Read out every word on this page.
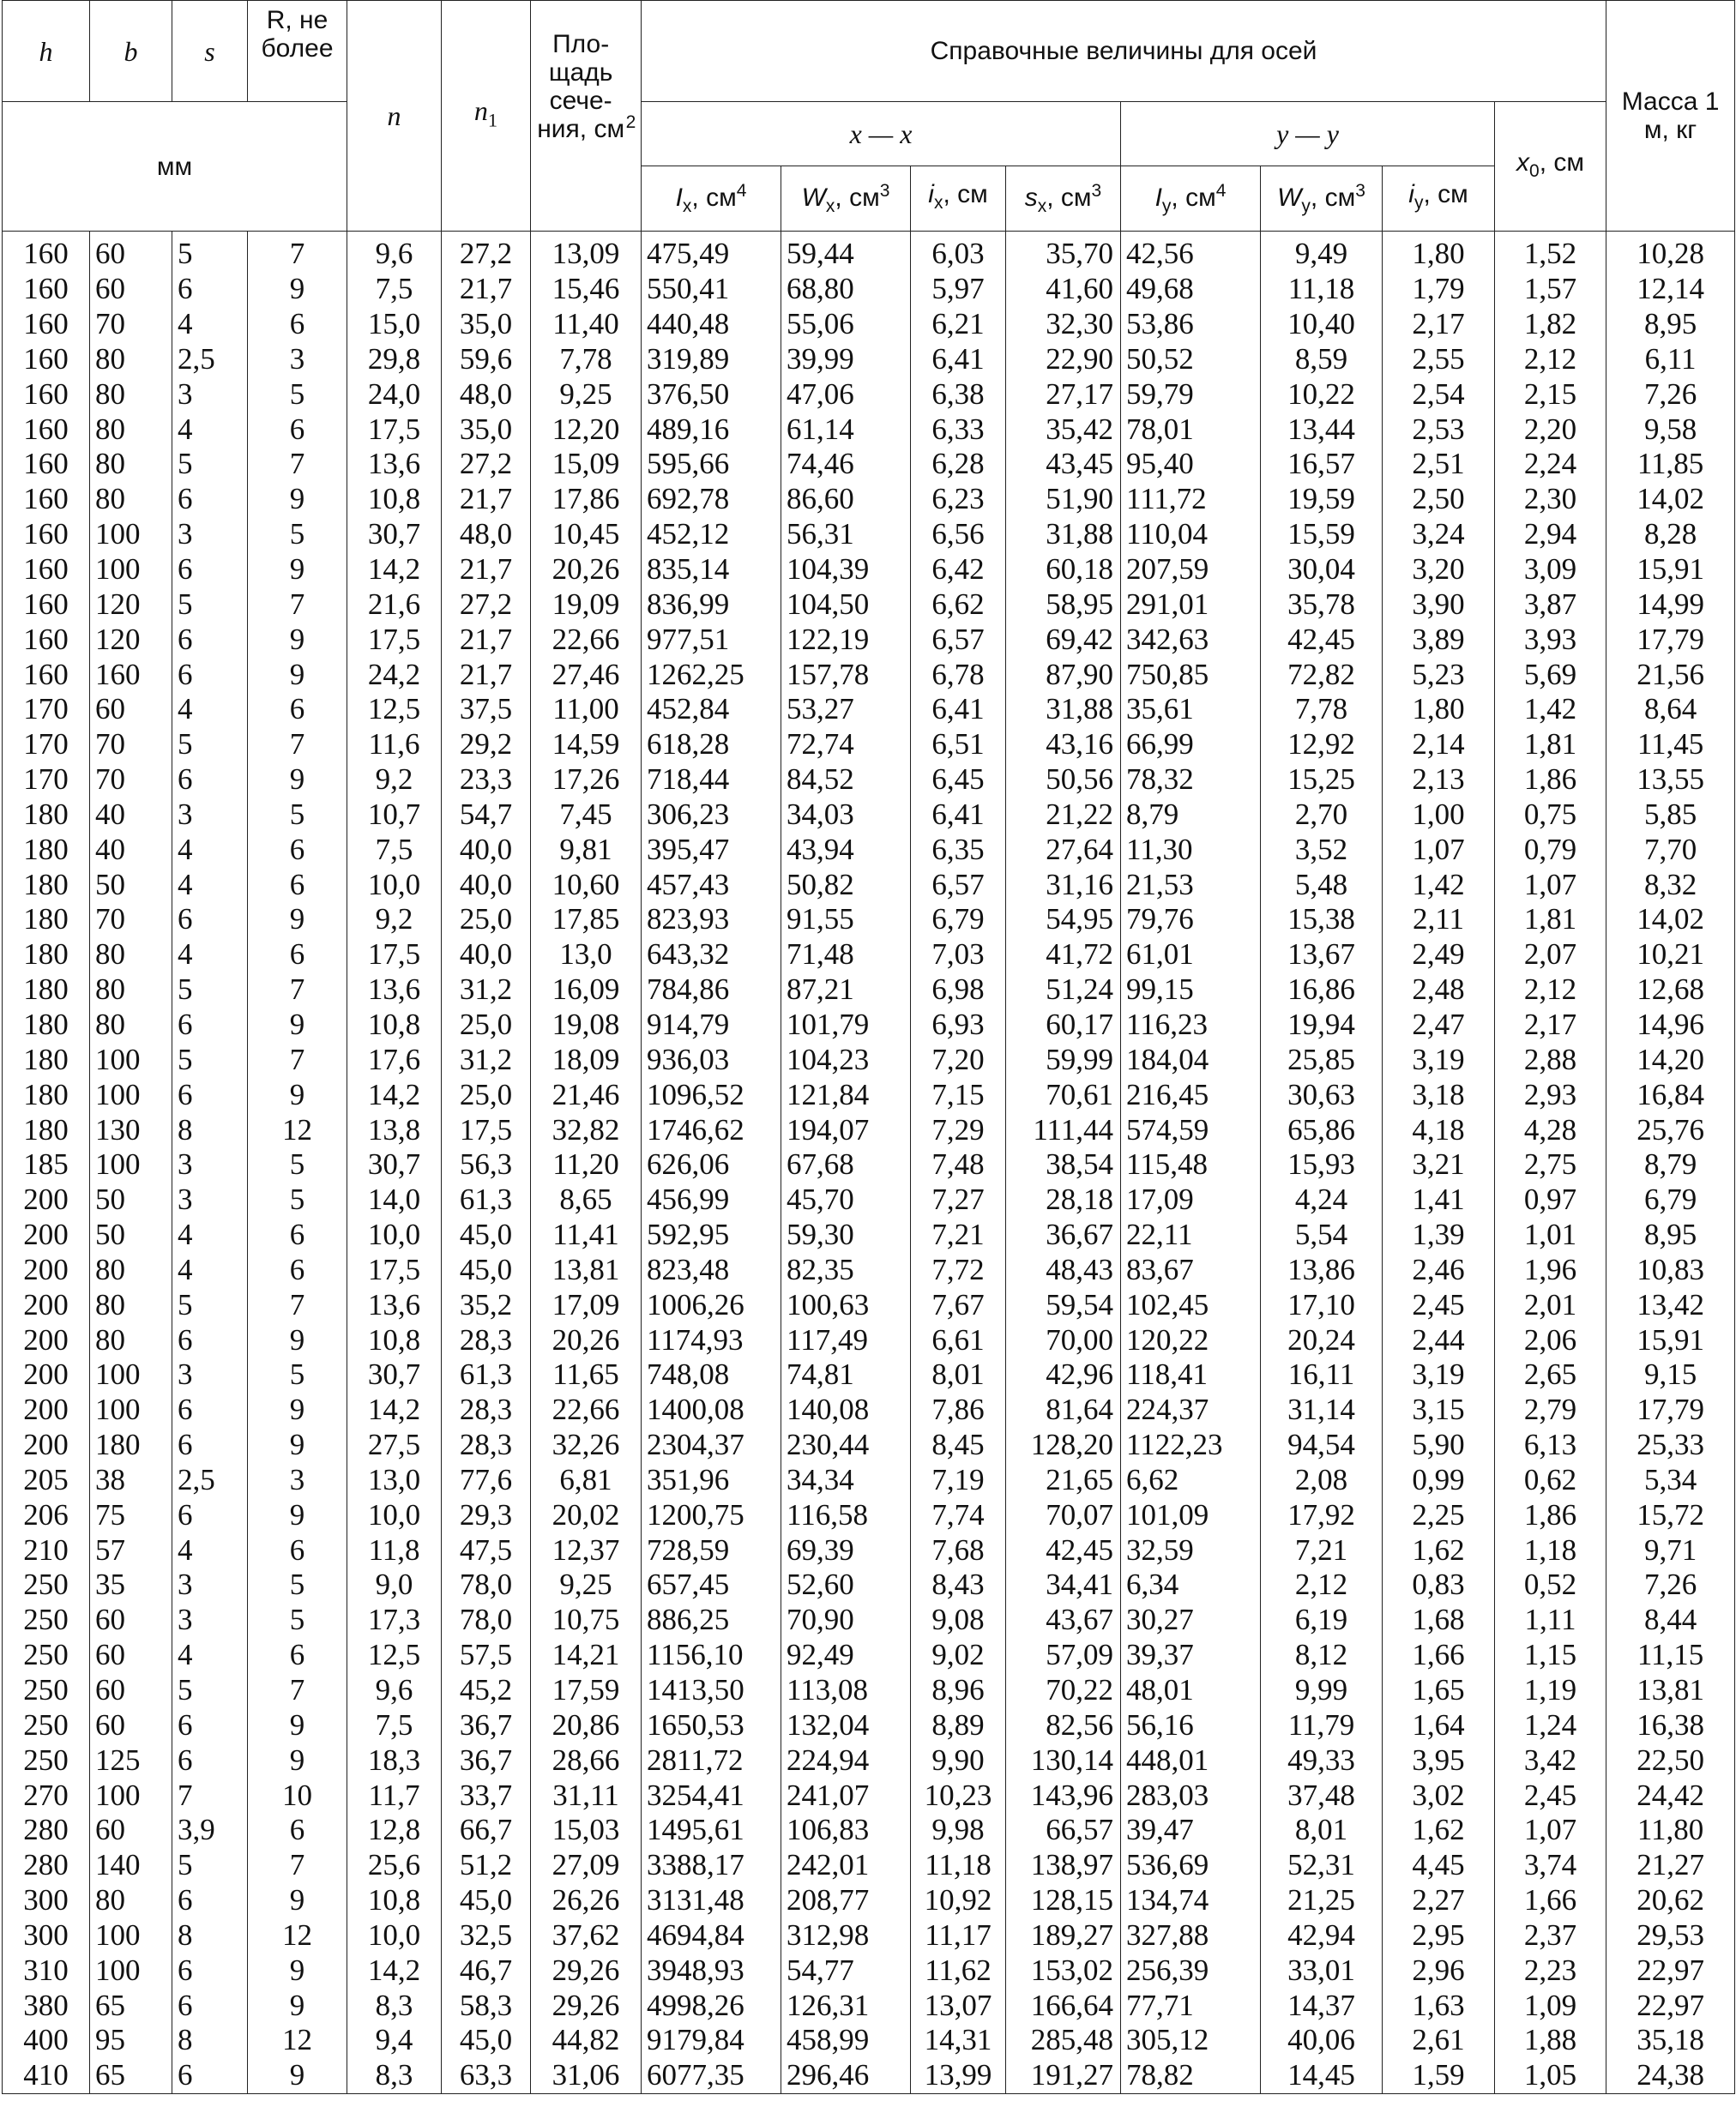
h	b	s	R, не
более	n	$n_1$	Пло-щадь сече-ния, $см^2$	Справочные величины для осей								Масса 1 м, кг
мм							x — x				y — y			$x_0$, см	
							$I_x$, $см^4$	$W_x$, $см^3$	$i_x$, см	$s_x$, $см^3$	$I_y$, $см^4$	$W_y$, $см^3$	$i_y$, см		
160	60	5	7	9,6	27,2	13,09	475,49	59,44	6,03	35,70	42,56	9,49	1,80	1,52	10,28
160	60	6	9	7,5	21,7	15,46	550,41	68,80	5,97	41,60	49,68	11,18	1,79	1,57	12,14
160	70	4	6	15,0	35,0	11,40	440,48	55,06	6,21	32,30	53,86	10,40	2,17	1,82	8,95
160	80	2,5	3	29,8	59,6	7,78	319,89	39,99	6,41	22,90	50,52	8,59	2,55	2,12	6,11
160	80	3	5	24,0	48,0	9,25	376,50	47,06	6,38	27,17	59,79	10,22	2,54	2,15	7,26
160	80	4	6	17,5	35,0	12,20	489,16	61,14	6,33	35,42	78,01	13,44	2,53	2,20	9,58
160	80	5	7	13,6	27,2	15,09	595,66	74,46	6,28	43,45	95,40	16,57	2,51	2,24	11,85
160	80	6	9	10,8	21,7	17,86	692,78	86,60	6,23	51,90	111,72	19,59	2,50	2,30	14,02
160	100	3	5	30,7	48,0	10,45	452,12	56,31	6,56	31,88	110,04	15,59	3,24	2,94	8,28
160	100	6	9	14,2	21,7	20,26	835,14	104,39	6,42	60,18	207,59	30,04	3,20	3,09	15,91
160	120	5	7	21,6	27,2	19,09	836,99	104,50	6,62	58,95	291,01	35,78	3,90	3,87	14,99
160	120	6	9	17,5	21,7	22,66	977,51	122,19	6,57	69,42	342,63	42,45	3,89	3,93	17,79
160	160	6	9	24,2	21,7	27,46	1262,25	157,78	6,78	87,90	750,85	72,82	5,23	5,69	21,56
170	60	4	6	12,5	37,5	11,00	452,84	53,27	6,41	31,88	35,61	7,78	1,80	1,42	8,64
170	70	5	7	11,6	29,2	14,59	618,28	72,74	6,51	43,16	66,99	12,92	2,14	1,81	11,45
170	70	6	9	9,2	23,3	17,26	718,44	84,52	6,45	50,56	78,32	15,25	2,13	1,86	13,55
180	40	3	5	10,7	54,7	7,45	306,23	34,03	6,41	21,22	8,79	2,70	1,00	0,75	5,85
180	40	4	6	7,5	40,0	9,81	395,47	43,94	6,35	27,64	11,30	3,52	1,07	0,79	7,70
180	50	4	6	10,0	40,0	10,60	457,43	50,82	6,57	31,16	21,53	5,48	1,42	1,07	8,32
180	70	6	9	9,2	25,0	17,85	823,93	91,55	6,79	54,95	79,76	15,38	2,11	1,81	14,02
180	80	4	6	17,5	40,0	13,0	643,32	71,48	7,03	41,72	61,01	13,67	2,49	2,07	10,21
180	80	5	7	13,6	31,2	16,09	784,86	87,21	6,98	51,24	99,15	16,86	2,48	2,12	12,68
180	80	6	9	10,8	25,0	19,08	914,79	101,79	6,93	60,17	116,23	19,94	2,47	2,17	14,96
180	100	5	7	17,6	31,2	18,09	936,03	104,23	7,20	59,99	184,04	25,85	3,19	2,88	14,20
180	100	6	9	14,2	25,0	21,46	1096,52	121,84	7,15	70,61	216,45	30,63	3,18	2,93	16,84
180	130	8	12	13,8	17,5	32,82	1746,62	194,07	7,29	111,44	574,59	65,86	4,18	4,28	25,76
185	100	3	5	30,7	56,3	11,20	626,06	67,68	7,48	38,54	115,48	15,93	3,21	2,75	8,79
200	50	3	5	14,0	61,3	8,65	456,99	45,70	7,27	28,18	17,09	4,24	1,41	0,97	6,79
200	50	4	6	10,0	45,0	11,41	592,95	59,30	7,21	36,67	22,11	5,54	1,39	1,01	8,95
200	80	4	6	17,5	45,0	13,81	823,48	82,35	7,72	48,43	83,67	13,86	2,46	1,96	10,83
200	80	5	7	13,6	35,2	17,09	1006,26	100,63	7,67	59,54	102,45	17,10	2,45	2,01	13,42
200	80	6	9	10,8	28,3	20,26	1174,93	117,49	6,61	70,00	120,22	20,24	2,44	2,06	15,91
200	100	3	5	30,7	61,3	11,65	748,08	74,81	8,01	42,96	118,41	16,11	3,19	2,65	9,15
200	100	6	9	14,2	28,3	22,66	1400,08	140,08	7,86	81,64	224,37	31,14	3,15	2,79	17,79
200	180	6	9	27,5	28,3	32,26	2304,37	230,44	8,45	128,20	1122,23	94,54	5,90	6,13	25,33
205	38	2,5	3	13,0	77,6	6,81	351,96	34,34	7,19	21,65	6,62	2,08	0,99	0,62	5,34
206	75	6	9	10,0	29,3	20,02	1200,75	116,58	7,74	70,07	101,09	17,92	2,25	1,86	15,72
210	57	4	6	11,8	47,5	12,37	728,59	69,39	7,68	42,45	32,59	7,21	1,62	1,18	9,71
250	35	3	5	9,0	78,0	9,25	657,45	52,60	8,43	34,41	6,34	2,12	0,83	0,52	7,26
250	60	3	5	17,3	78,0	10,75	886,25	70,90	9,08	43,67	30,27	6,19	1,68	1,11	8,44
250	60	4	6	12,5	57,5	14,21	1156,10	92,49	9,02	57,09	39,37	8,12	1,66	1,15	11,15
250	60	5	7	9,6	45,2	17,59	1413,50	113,08	8,96	70,22	48,01	9,99	1,65	1,19	13,81
250	60	6	9	7,5	36,7	20,86	1650,53	132,04	8,89	82,56	56,16	11,79	1,64	1,24	16,38
250	125	6	9	18,3	36,7	28,66	2811,72	224,94	9,90	130,14	448,01	49,33	3,95	3,42	22,50
270	100	7	10	11,7	33,7	31,11	3254,41	241,07	10,23	143,96	283,03	37,48	3,02	2,45	24,42
280	60	3,9	6	12,8	66,7	15,03	1495,61	106,83	9,98	66,57	39,47	8,01	1,62	1,07	11,80
280	140	5	7	25,6	51,2	27,09	3388,17	242,01	11,18	138,97	536,69	52,31	4,45	3,74	21,27
300	80	6	9	10,8	45,0	26,26	3131,48	208,77	10,92	128,15	134,74	21,25	2,27	1,66	20,62
300	100	8	12	10,0	32,5	37,62	4694,84	312,98	11,17	189,27	327,88	42,94	2,95	2,37	29,53
310	100	6	9	14,2	46,7	29,26	3948,93	54,77	11,62	153,02	256,39	33,01	2,96	2,23	22,97
380	65	6	9	8,3	58,3	29,26	4998,26	126,31	13,07	166,64	77,71	14,37	1,63	1,09	22,97
400	95	8	12	9,4	45,0	44,82	9179,84	458,99	14,31	285,48	305,12	40,06	2,61	1,88	35,18
410	65	6	9	8,3	63,3	31,06	6077,35	296,46	13,99	191,27	78,82	14,45	1,59	1,05	24,38
